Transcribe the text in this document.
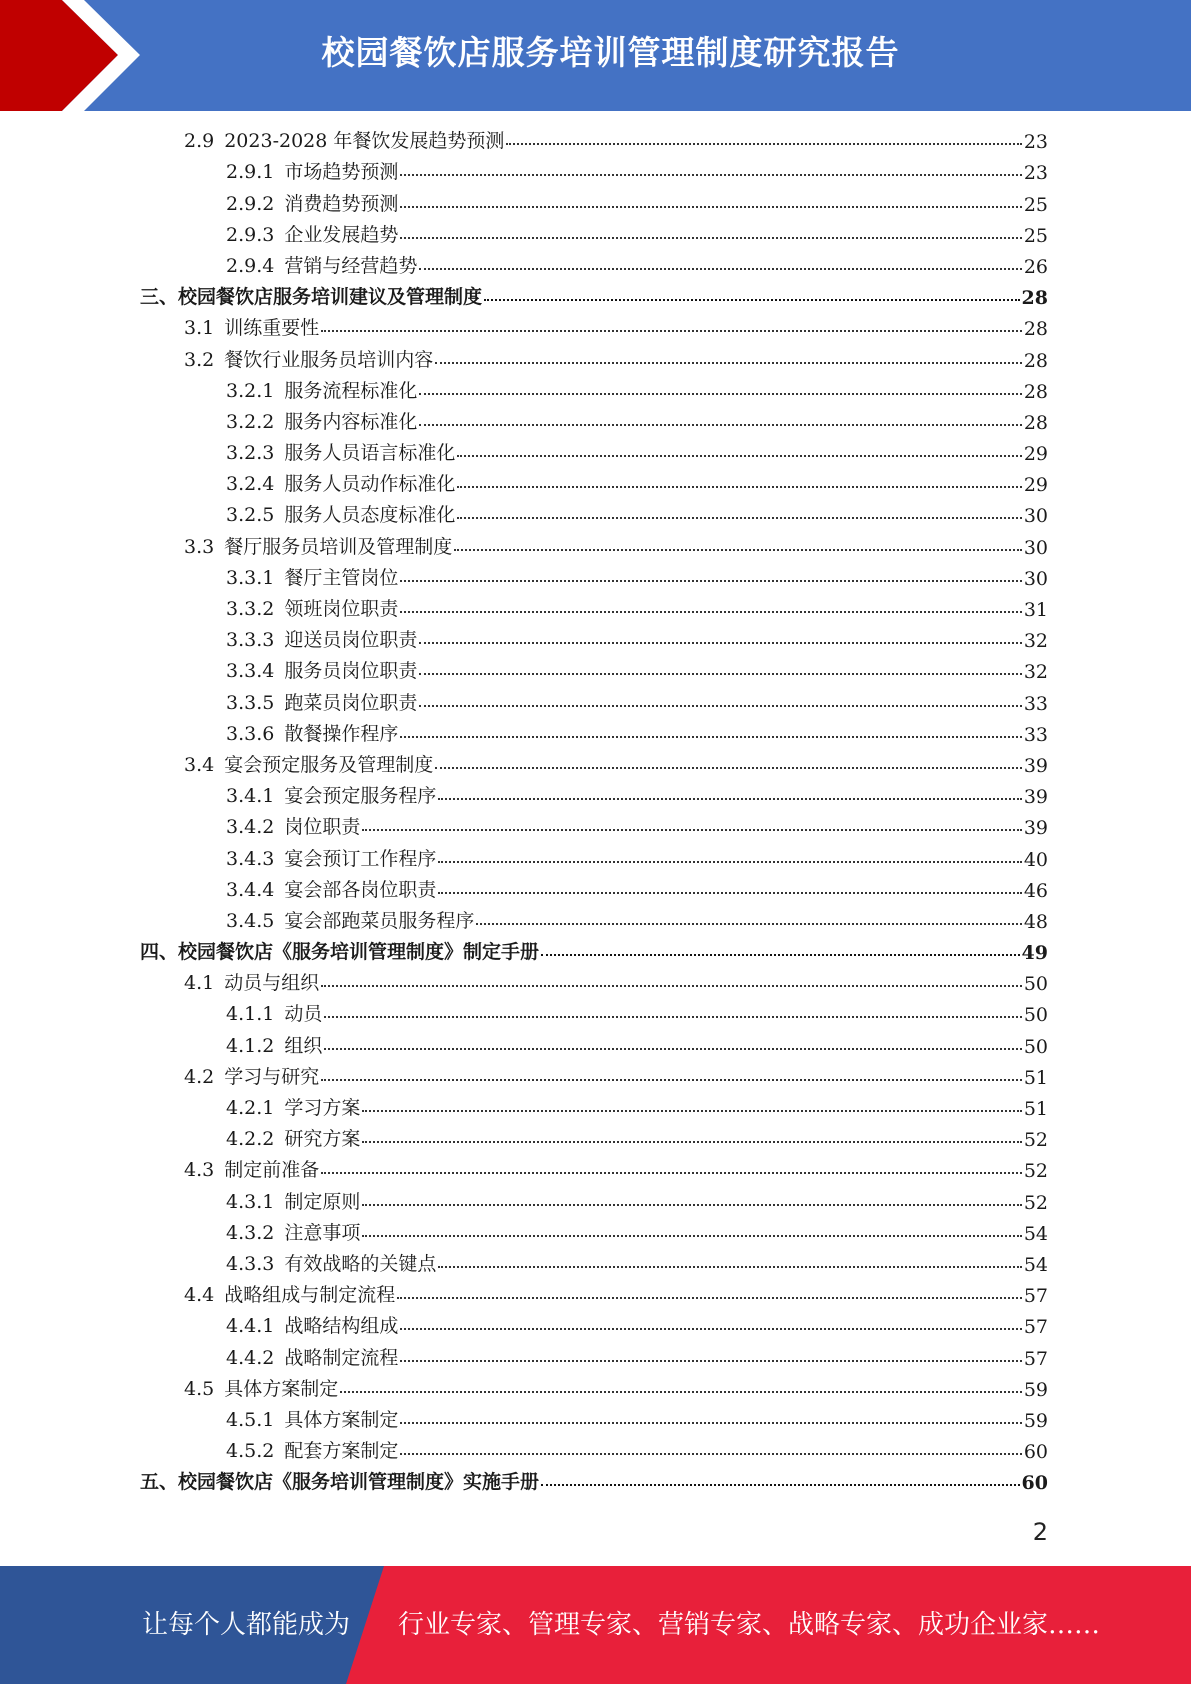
校园餐饮店服务培训管理制度研究报告
2.9 2023-2028 年餐饮发展趋势预测	23
2.9.1 市场趋势预测	23
2.9.2 消费趋势预测	25
2.9.3 企业发展趋势	25
2.9.4 营销与经营趋势	26
三、校园餐饮店服务培训建议及管理制度	28
3.1 训练重要性	28
3.2 餐饮行业服务员培训内容	28
3.2.1 服务流程标准化	28
3.2.2 服务内容标准化	28
3.2.3 服务人员语言标准化	29
3.2.4 服务人员动作标准化	29
3.2.5 服务人员态度标准化	30
3.3 餐厅服务员培训及管理制度	30
3.3.1 餐厅主管岗位	30
3.3.2 领班岗位职责	31
3.3.3 迎送员岗位职责	32
3.3.4 服务员岗位职责	32
3.3.5 跑菜员岗位职责	33
3.3.6 散餐操作程序	33
3.4 宴会预定服务及管理制度	39
3.4.1 宴会预定服务程序	39
3.4.2 岗位职责	39
3.4.3 宴会预订工作程序	40
3.4.4 宴会部各岗位职责	46
3.4.5 宴会部跑菜员服务程序	48
四、校园餐饮店《服务培训管理制度》制定手册	49
4.1 动员与组织	50
4.1.1 动员	50
4.1.2 组织	50
4.2 学习与研究	51
4.2.1 学习方案	51
4.2.2 研究方案	52
4.3 制定前准备	52
4.3.1 制定原则	52
4.3.2 注意事项	54
4.3.3 有效战略的关键点	54
4.4 战略组成与制定流程	57
4.4.1 战略结构组成	57
4.4.2 战略制定流程	57
4.5 具体方案制定	59
4.5.1 具体方案制定	59
4.5.2 配套方案制定	60
五、校园餐饮店《服务培训管理制度》实施手册	60
2
让每个人都能成为 行业专家、管理专家、营销专家、战略专家、成功企业家……
